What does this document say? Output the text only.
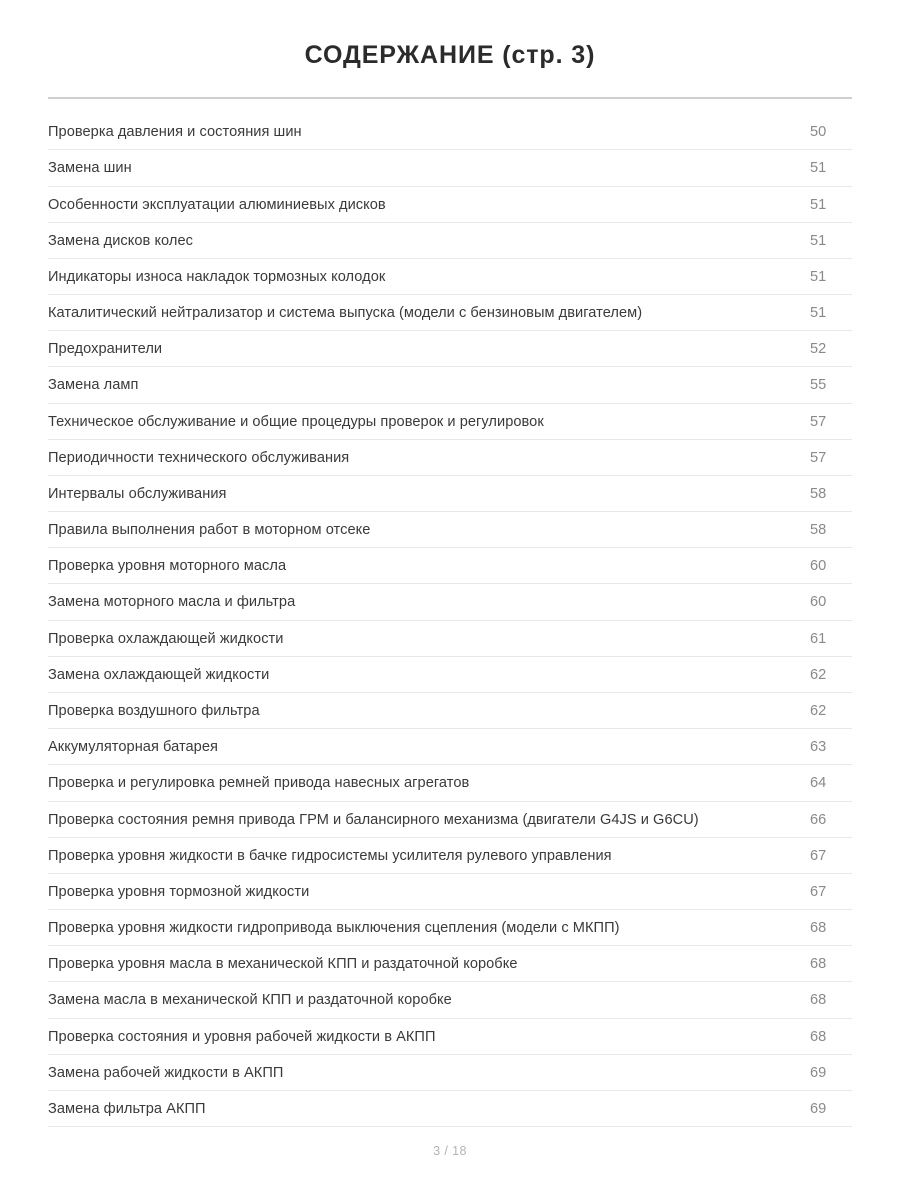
СОДЕРЖАНИЕ (стр. 3)
Проверка давления и состояния шин	50
Замена шин	51
Особенности эксплуатации алюминиевых дисков	51
Замена дисков колес	51
Индикаторы износа накладок тормозных колодок	51
Каталитический нейтрализатор и система выпуска (модели с бензиновым двигателем)	51
Предохранители	52
Замена ламп	55
Техническое обслуживание и общие процедуры проверок и регулировок	57
Периодичности технического обслуживания	57
Интервалы обслуживания	58
Правила выполнения работ в моторном отсеке	58
Проверка уровня моторного масла	60
Замена моторного масла и фильтра	60
Проверка охлаждающей жидкости	61
Замена охлаждающей жидкости	62
Проверка воздушного фильтра	62
Аккумуляторная батарея	63
Проверка и регулировка ремней привода навесных агрегатов	64
Проверка состояния ремня привода ГРМ и балансирного механизма (двигатели G4JS и G6CU)	66
Проверка уровня жидкости в бачке гидросистемы усилителя рулевого управления	67
Проверка уровня тормозной жидкости	67
Проверка уровня жидкости гидропривода выключения сцепления (модели с МКПП)	68
Проверка уровня масла в механической КПП и раздаточной коробке	68
Замена масла в механической КПП и раздаточной коробке	68
Проверка состояния и уровня рабочей жидкости в АКПП	68
Замена рабочей жидкости в АКПП	69
Замена фильтра АКПП	69
3 / 18
